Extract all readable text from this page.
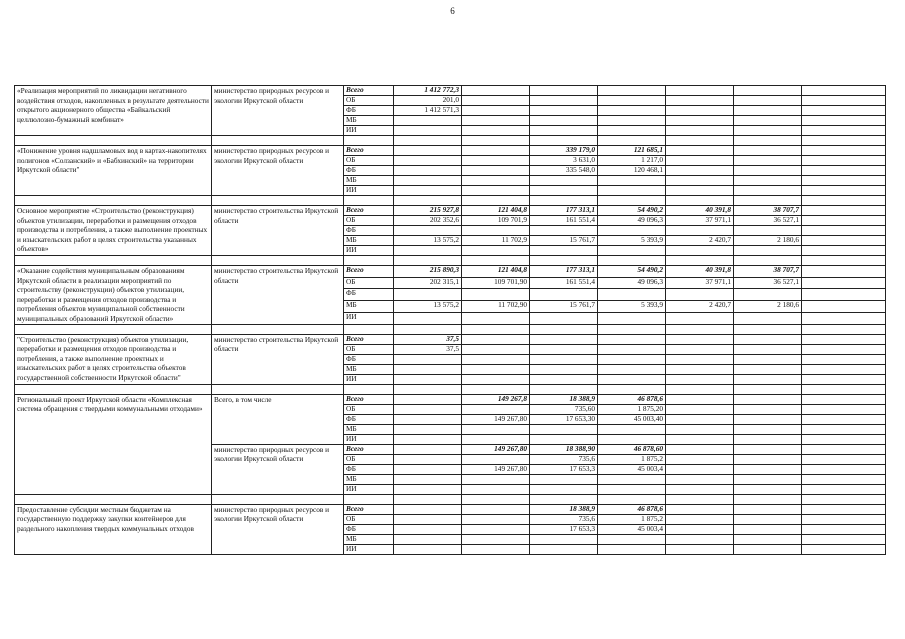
6
«Реализация мероприятий по ликвидации негативного воздействия отходов, накопленных в результате деятельности открытого акционерного общества «Байкальский целлюлозно-бумажный комбинат»	министерство природных ресурсов и экологии Иркутской области	Всего	1 412 772,3						
		ОБ	201,0						
		ФБ	1 412 571,3						
		МБ							
		ИИ							

«Понижение уровня надшламовых вод в картах-накопителях полигонов «Солзанский» и «Бабхинский» на территории Иркутской области"	министерство природных ресурсов и экологии Иркутской области	Всего			339 179,0	121 685,1			
		ОБ			3 631,0	1 217,0			
		ФБ			335 548,0	120 468,1			
		МБ							
		ИИ							

Основное мероприятие «Строительство (реконструкция) объектов утилизации, переработки и размещения отходов производства и потребления, а также выполнение проектных и изыскательских работ в целях строительства указанных объектов»	министерство строительства Иркутской области	Всего	215 927,8	121 404,8	177 313,1	54 490,2	40 391,8	38 707,7	
		ОБ	202 352,6	109 701,9	161 551,4	49 096,3	37 971,1	36 527,1	
		ФБ							
		МБ	13 575,2	11 702,9	15 761,7	5 393,9	2 420,7	2 180,6	
		ИИ							

«Оказание содействия муниципальным образованиям Иркутской области в реализации мероприятий по строительству (реконструкции) объектов утилизации, переработки и размещения отходов производства и потребления объектов муниципальной собственности муниципальных образований Иркутской области»	министерство строительства Иркутской области	Всего	215 890,3	121 404,8	177 313,1	54 490,2	40 391,8	38 707,7	
		ОБ	202 315,1	109 701,90	161 551,4	49 096,3	37 971,1	36 527,1	
		ФБ							
		МБ	13 575,2	11 702,90	15 761,7	5 393,9	2 420,7	2 180,6	
		ИИ							

"Строительство (реконструкция) объектов утилизации, переработки и размещения отходов производства и потребления, а также выполнение проектных и изыскательских работ в целях строительства объектов государственной собственности Иркутской области"	министерство строительства Иркутской области	Всего	37,5						
		ОБ	37,5						
		ФБ							
		МБ							
		ИИ							

Региональный проект Иркутской области «Комплексная система обращения с твердыми коммунальными отходами»	Всего, в том числе	Всего		149 267,8	18 388,9	46 878,6			
		ОБ			735,60	1 875,20			
		ФБ		149 267,80	17 653,30	45 003,40			
		МБ							
		ИИ							
	министерство природных ресурсов и экологии Иркутской области	Всего		149 267,80	18 388,90	46 878,60			
		ОБ			735,6	1 875,2			
		ФБ		149 267,80	17 653,3	45 003,4			
		МБ							
		ИИ							

Предоставление субсидии местным бюджетам на государственную поддержку закупки контейнеров для раздельного накопления твердых коммунальных отходов	министерство природных ресурсов и экологии Иркутской области	Всего			18 388,9	46 878,6			
		ОБ			735,6	1 875,2			
		ФБ			17 653,3	45 003,4			
		МБ							
		ИИ							
